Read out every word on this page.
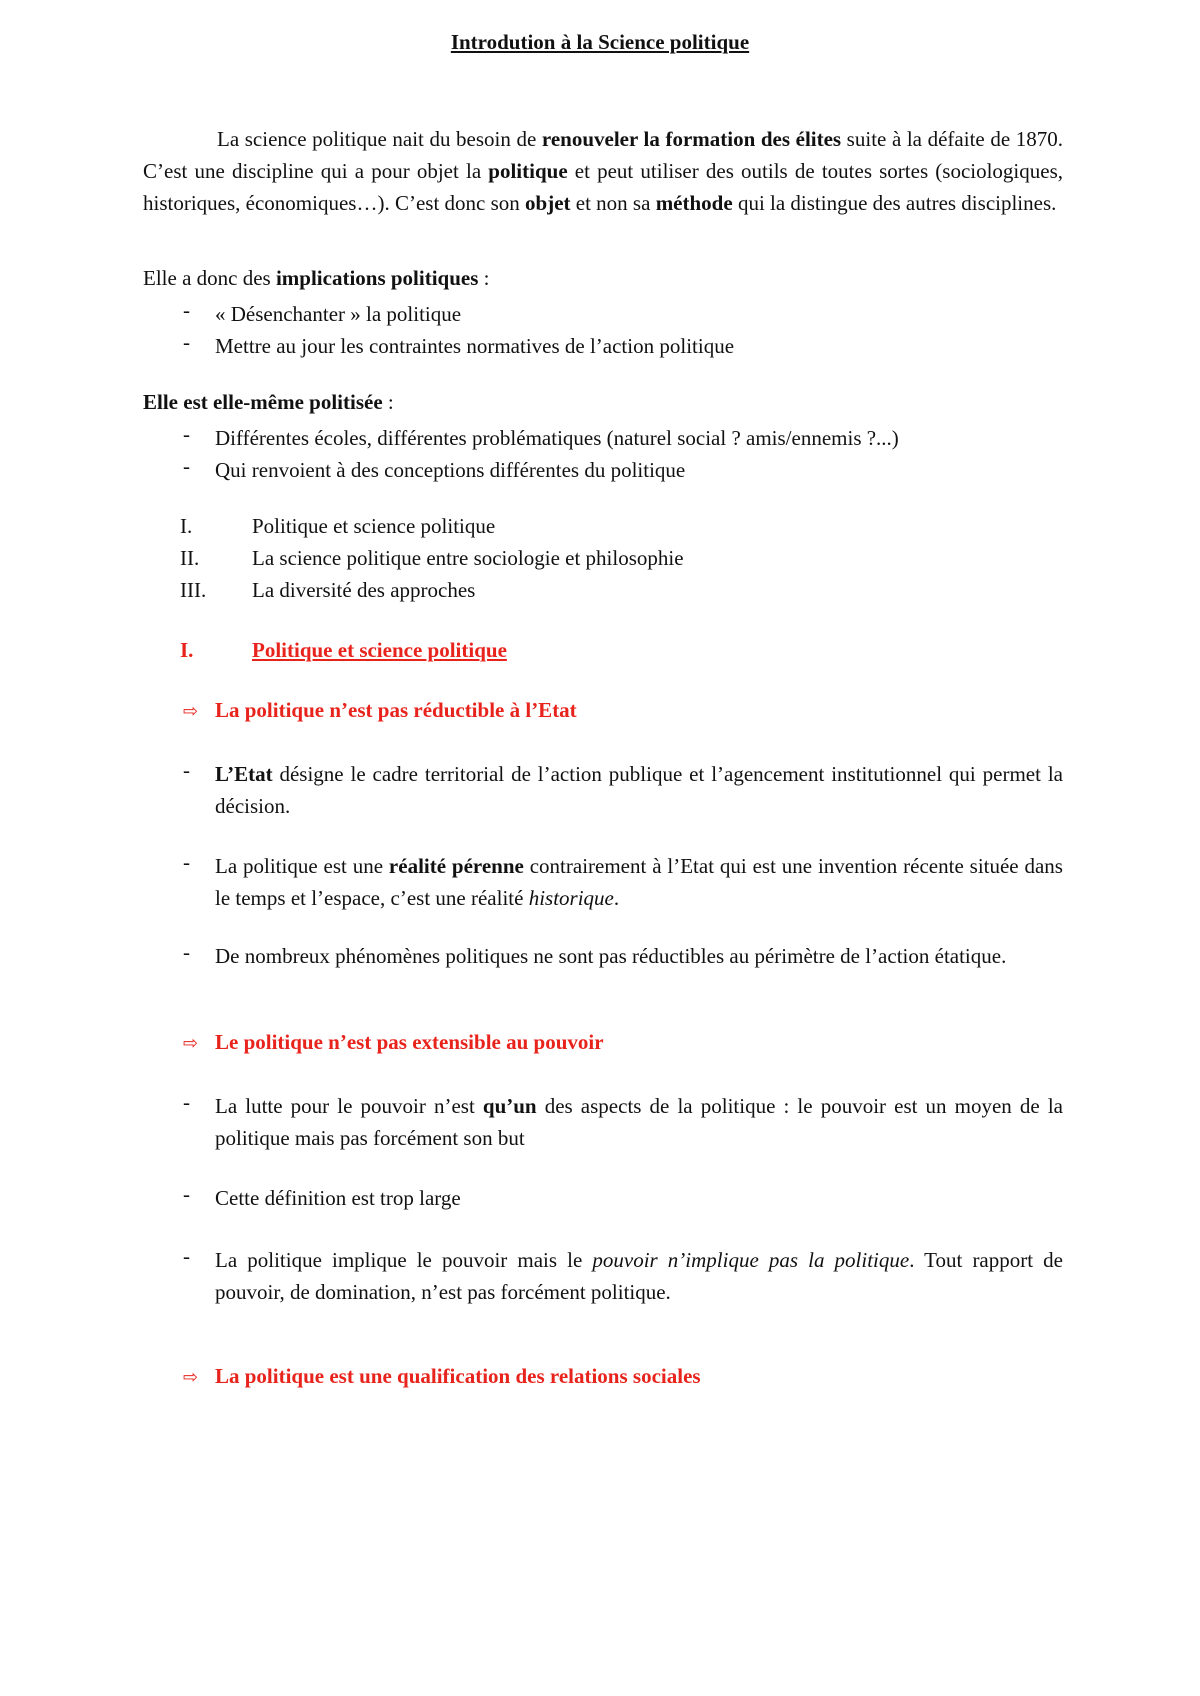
Introdution à la Science politique
La science politique nait du besoin de renouveler la formation des élites suite à la défaite de 1870. C’est une discipline qui a pour objet la politique et peut utiliser des outils de toutes sortes (sociologiques, historiques, économiques…). C’est donc son objet et non sa méthode qui la distingue des autres disciplines.
Elle a donc des implications politiques :
- « Désenchanter » la politique
- Mettre au jour les contraintes normatives de l’action politique
Elle est elle-même politisée :
- Différentes écoles, différentes problématiques (naturel social ? amis/ennemis ?...)
- Qui renvoient à des conceptions différentes du politique
I.	Politique et science politique
II.	La science politique entre sociologie et philosophie
III. La diversité des approches
I.	Politique et science politique
⇨ La politique n’est pas réductible à l’Etat
- L’Etat désigne le cadre territorial de l’action publique et l’agencement institutionnel qui permet la décision.
- La politique est une réalité pérenne contrairement à l’Etat qui est une invention récente située dans le temps et l’espace, c’est une réalité historique.
- De nombreux phénomènes politiques ne sont pas réductibles au périmètre de l’action étatique.
⇨ Le politique n’est pas extensible au pouvoir
- La lutte pour le pouvoir n’est qu’un des aspects de la politique : le pouvoir est un moyen de la politique mais pas forcément son but
- Cette définition est trop large
- La politique implique le pouvoir mais le pouvoir n’implique pas la politique. Tout rapport de pouvoir, de domination, n’est pas forcément politique.
⇨ La politique est une qualification des relations sociales
